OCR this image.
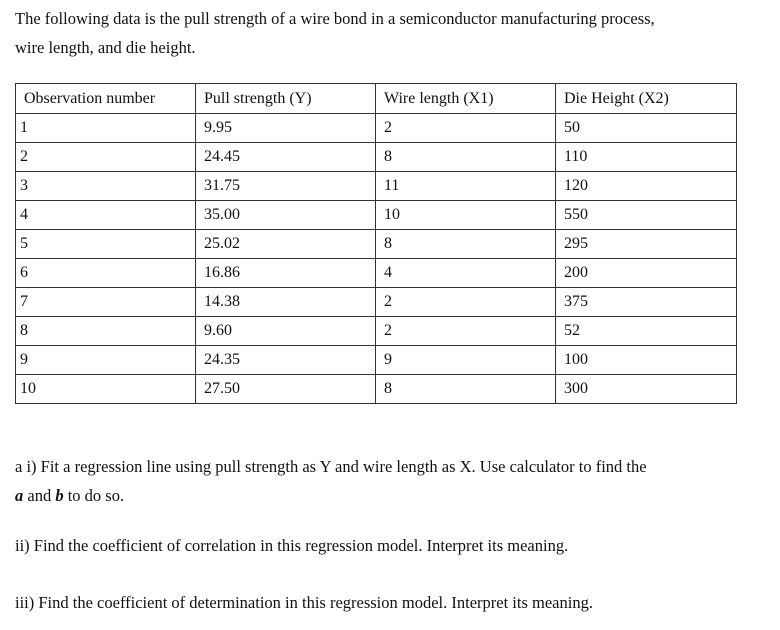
The following data is the pull strength of a wire bond in a semiconductor manufacturing process,
wire length, and die height.

Observation number	Pull strength (Y)	Wire length (X1)	Die Height (X2)
1	9.95	2	50
2	24.45	8	110
3	31.75	11	120
4	35.00	10	550
5	25.02	8	295
6	16.86	4	200
7	14.38	2	375
8	9.60	2	52
9	24.35	9	100
10	27.50	8	300

a i) Fit a regression line using pull strength as Y and wire length as X. Use calculator to find the
a and b to do so.

ii) Find the coefficient of correlation in this regression model. Interpret its meaning.

iii) Find the coefficient of determination in this regression model. Interpret its meaning.
